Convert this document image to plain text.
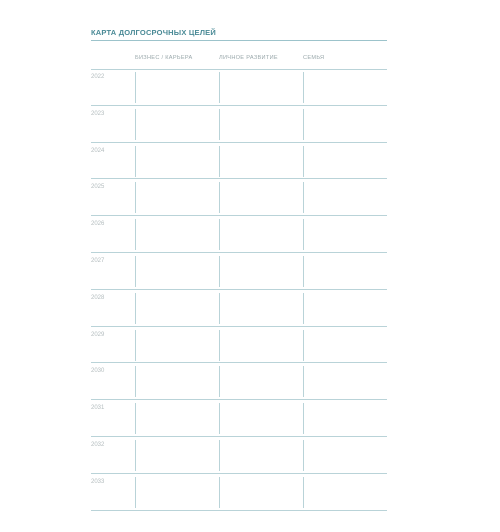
КАРТА ДОЛГОСРОЧНЫХ ЦЕЛЕЙ
БИЗНЕС / КАРЬЕРА	ЛИЧНОЕ РАЗВИТИЕ	СЕМЬЯ
2022
2023
2024
2025
2026
2027
2028
2029
2030
2031
2032
2033
